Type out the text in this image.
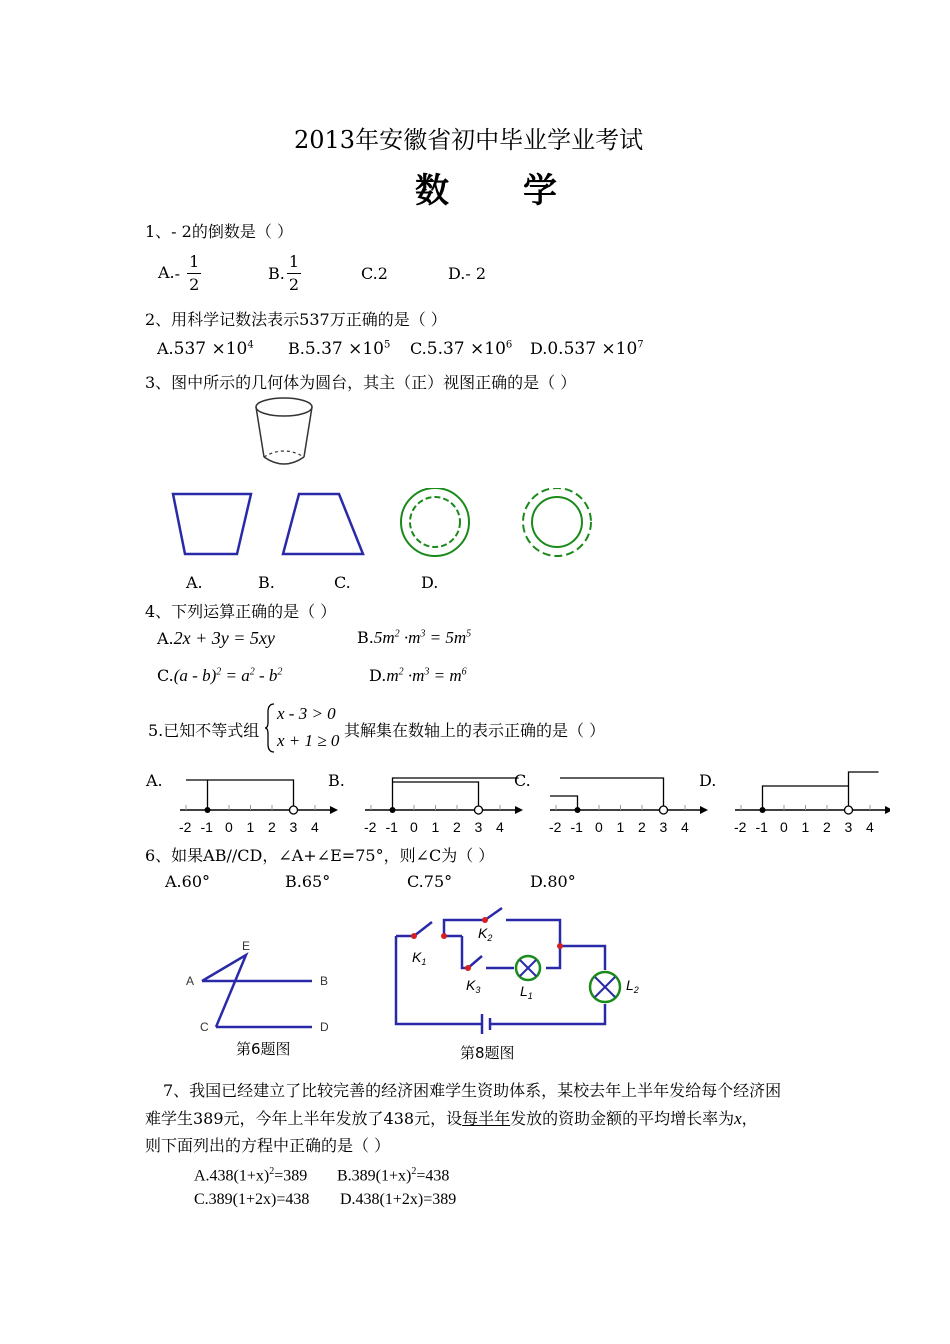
2013年安徽省初中毕业学业考试
数　　学
1、- 2的倒数是（ ）
$A.- \frac{1}{2}$	B. $\frac{1}{2}$	C.2	D.- 2
2、用科学记数法表示537万正确的是（ ）
$A.537 \times 10^4$ $B.5.37 \times 10^5$ $C.5.37 \times 10^6$ $D.0.537 \times 10^7$
3、图中所示的几何体为圆台，其主（正）视图正确的是（ ）
A.	B.	C.	D.
4、下列运算正确的是（ ）
A.2x + 3y = 5xy	$B.5m^2 \cdot m^3 = 5m^5$
$C.(a - b)^2 = a^2 - b^2$	$D.m^2 \cdot m^3 = m^6$
5.已知不等式组
x - 3 > 0
x + 1 ≥ 0
其解集在数轴上的表示正确的是（ ）
A.	B.	C.	D.
-2 -1 0 1 2 3 4	-2 -1 0 1 2 3 4	-2 -1 0 1 2 3 4	-2 -1 0 1 2 3 4
6、如果AB//CD，∠A+∠E=75°，则∠C为（ ）
A.60°	B.65°	C.75°	D.80°
E
A	B
C	D
第6题图
$K_1$
$K_2$
$K_3$	$L_1$
$L_2$
第8题图
7、我国已经建立了比较完善的经济困难学生资助体系，某校去年上半年发给每个经济困
难学生389元，今年上半年发放了438元，设每半年发放的资助金额的平均增长率为x，
则下面列出的方程中正确的是（ ）
$A.438(1+x)^2=389$ $B.389(1+x)^2=438$
C.389(1+2x)=438 D.438(1+2x)=389
